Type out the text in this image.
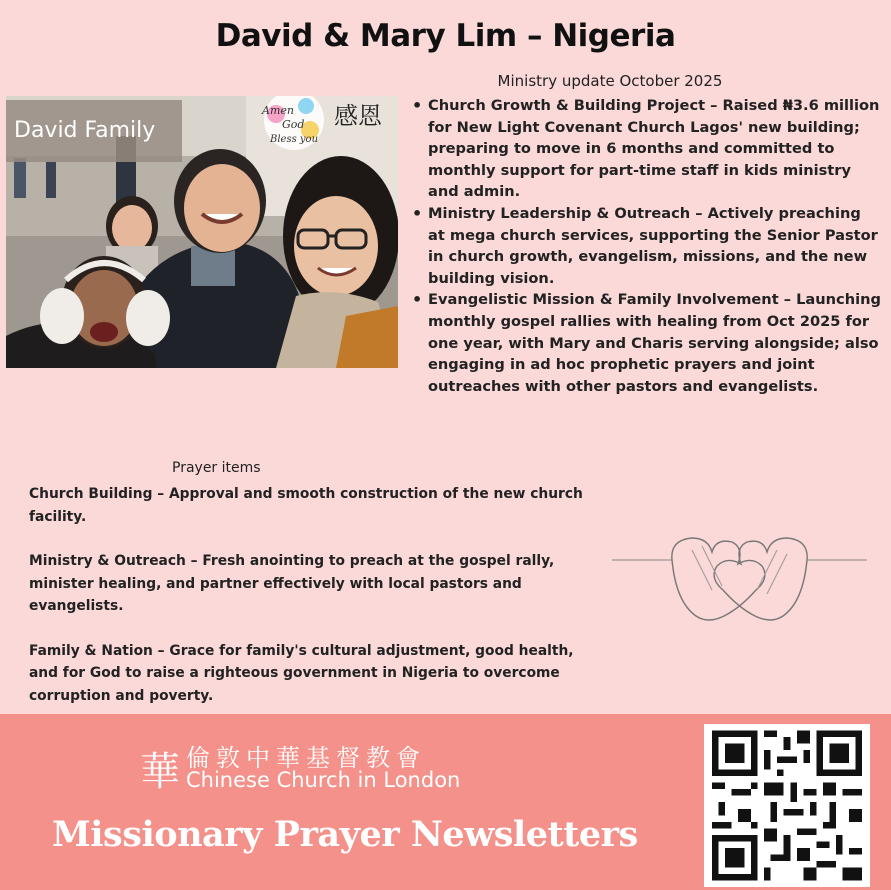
David & Mary Lim – Nigeria
Ministry update October 2025
Amen
God
Bless you
感恩
David Family
• Church Growth & Building Project – Raised ₦3.6 million for New Light Covenant Church Lagos' new building; preparing to move in 6 months and committed to monthly support for part-time staff in kids ministry and admin.
• Ministry Leadership & Outreach – Actively preaching at mega church services, supporting the Senior Pastor in church growth, evangelism, missions, and the new building vision.
• Evangelistic Mission & Family Involvement – Launching monthly gospel rallies with healing from Oct 2025 for one year, with Mary and Charis serving alongside; also engaging in ad hoc prophetic prayers and joint outreaches with other pastors and evangelists.
Prayer items

Church Building – Approval and smooth construction of the new church facility.

Ministry & Outreach – Fresh anointing to preach at the gospel rally, minister healing, and partner effectively with local pastors and evangelists.

Family & Nation – Grace for family's cultural adjustment, good health, and for God to raise a righteous government in Nigeria to overcome corruption and poverty.

華 倫敦中華基督教會
Chinese Church in London
Missionary Prayer Newsletters
